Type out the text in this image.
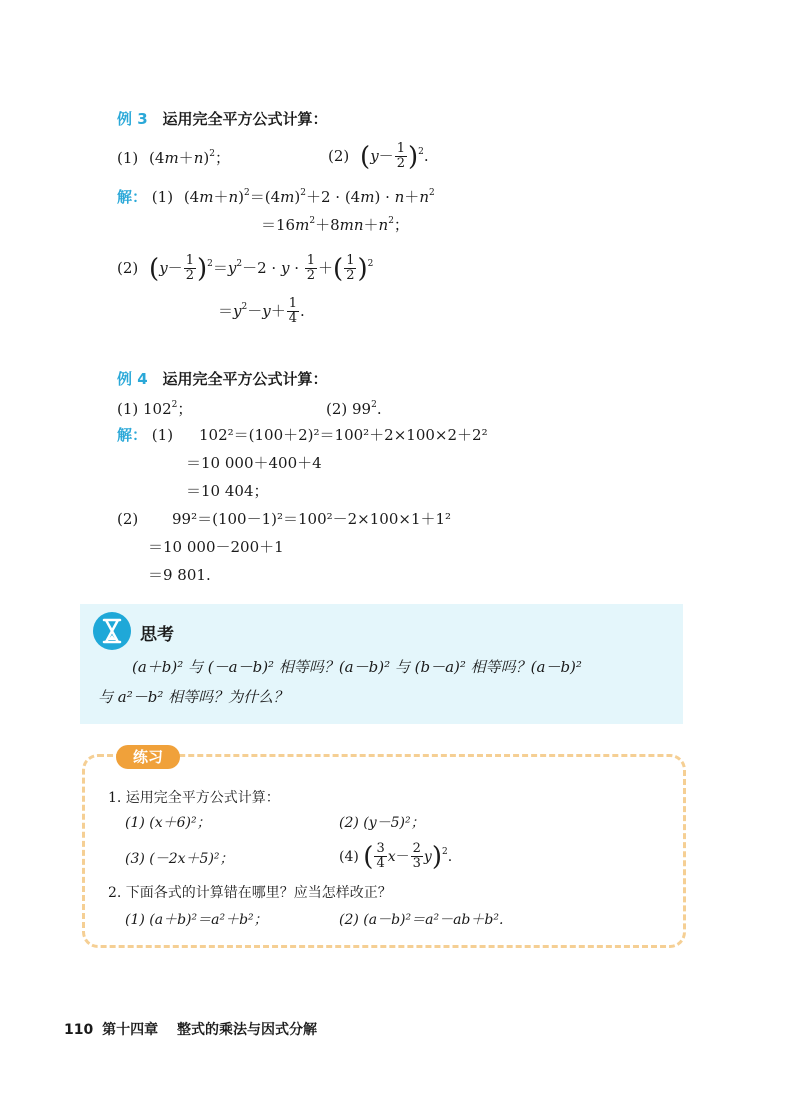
例 3 运用完全平方公式计算：
(1) $(4m+n)^2$；	(2) $(y- \frac{1}{2} )^2$.
解： (1) $(4m+n)^2=(4m)^2+2 \cdot (4m) \cdot n+n^2$
$=16m^2+8mn+n^2$；
(2) $(y- \frac{1}{2} )^2=y^2-2 \cdot y \cdot \frac{1}{2}$ ＋( $\frac{1}{2} )^2$
$=y^2-y+ \frac{1}{4}$ .
例 4 运用完全平方公式计算：
(1) $102^2$；	(2) $99^2$.
解： (1) 102²＝(100＋2)²＝100²＋2×100×2＋2²
＝10 000＋400＋4
＝10 404；
(2) 99²＝(100－1)²＝100²－2×100×1＋1²
＝10 000－200＋1
＝9 801.
思考
(a＋b)² 与 (－a－b)² 相等吗？(a－b)² 与 (b－a)² 相等吗？(a－b)²
与 a²－b² 相等吗？为什么？
练习
1. 运用完全平方公式计算：
(1) (x＋6)²；	(2) (y－5)²；
(3) (－2x＋5)²；	(4) ( $\frac{3}{4} x- \frac{2}{3} y)^2$.
2. 下面各式的计算错在哪里？应当怎样改正？
(1) (a＋b)²＝a²＋b²；	(2) (a－b)²＝a²－ab＋b².
110 第十四章 整式的乘法与因式分解
